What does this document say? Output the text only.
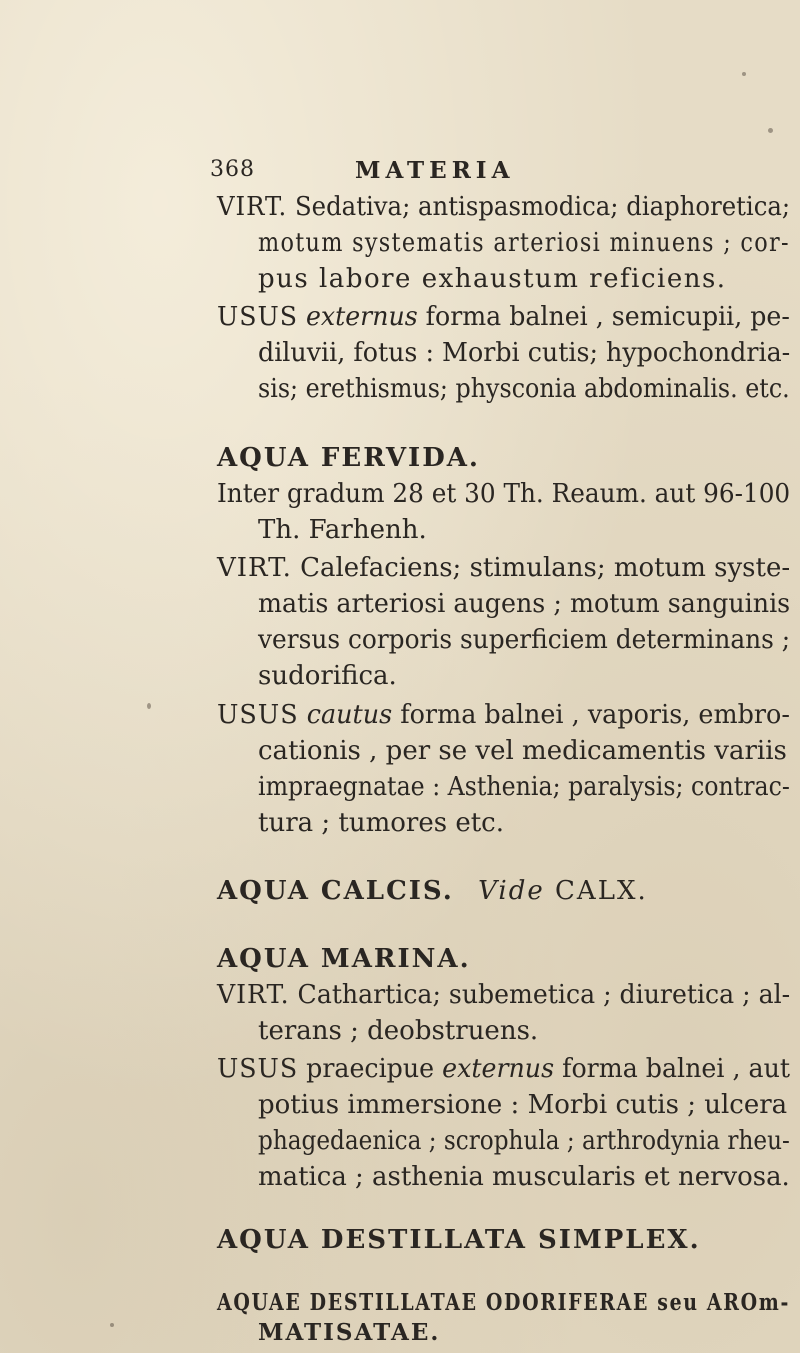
368	MATERIA
VIRT. Sedativa; antispasmodica; diaphoretica;
motum systematis arteriosi minuens ; cor-
pus labore exhaustum reficiens.
USUS externus forma balnei , semicupii, pe-
diluvii, fotus : Morbi cutis; hypochondria-
sis; erethismus; physconia abdominalis. etc.
AQUA FERVIDA.
Inter gradum 28 et 30 Th. Reaum. aut 96-100
Th. Farhenh.
VIRT. Calefaciens; stimulans; motum syste-
matis arteriosi augens ; motum sanguinis
versus corporis superficiem determinans ;
sudorifica.
USUS cautus forma balnei , vaporis, embro-
cationis , per se vel medicamentis variis
impraegnatae : Asthenia; paralysis; contrac-
tura ; tumores etc.
AQUA CALCIS. Vide CALX.
AQUA MARINA.
VIRT. Cathartica; subemetica ; diuretica ; al-
terans ; deobstruens.
USUS praecipue externus forma balnei , aut
potius immersione : Morbi cutis ; ulcera
phagedaenica ; scrophula ; arthrodynia rheu-
matica ; asthenia muscularis et nervosa.
AQUA DESTILLATA SIMPLEX.
AQUAE DESTILLATAE ODORIFERAE seu AROm-
MATISATAE.
